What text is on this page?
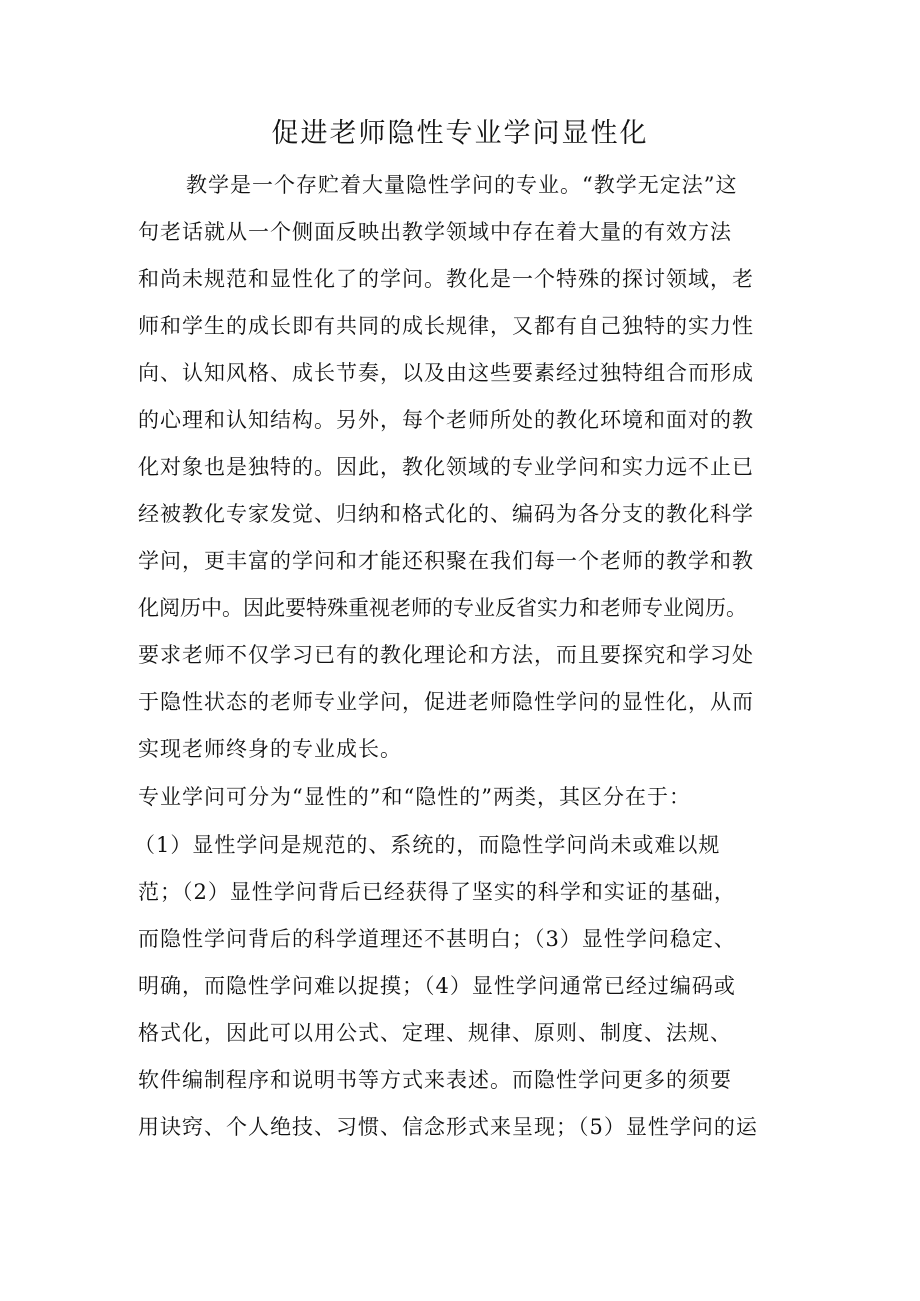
促进老师隐性专业学问显性化
教学是一个存贮着大量隐性学问的专业。“教学无定法”这
句老话就从一个侧面反映出教学领域中存在着大量的有效方法
和尚未规范和显性化了的学问。教化是一个特殊的探讨领域，老
师和学生的成长即有共同的成长规律，又都有自己独特的实力性
向、认知风格、成长节奏，以及由这些要素经过独特组合而形成
的心理和认知结构。另外，每个老师所处的教化环境和面对的教
化对象也是独特的。因此，教化领域的专业学问和实力远不止已
经被教化专家发觉、归纳和格式化的、编码为各分支的教化科学
学问，更丰富的学问和才能还积聚在我们每一个老师的教学和教
化阅历中。因此要特殊重视老师的专业反省实力和老师专业阅历。
要求老师不仅学习已有的教化理论和方法，而且要探究和学习处
于隐性状态的老师专业学问，促进老师隐性学问的显性化，从而
实现老师终身的专业成长。
专业学问可分为“显性的”和“隐性的”两类，其区分在于：
（1）显性学问是规范的、系统的，而隐性学问尚未或难以规
范；（2）显性学问背后已经获得了坚实的科学和实证的基础，
而隐性学问背后的科学道理还不甚明白；（3）显性学问稳定、
明确，而隐性学问难以捉摸；（4）显性学问通常已经过编码或
格式化，因此可以用公式、定理、规律、原则、制度、法规、
软件编制程序和说明书等方式来表述。而隐性学问更多的须要
用诀窍、个人绝技、习惯、信念形式来呈现；（5）显性学问的运
